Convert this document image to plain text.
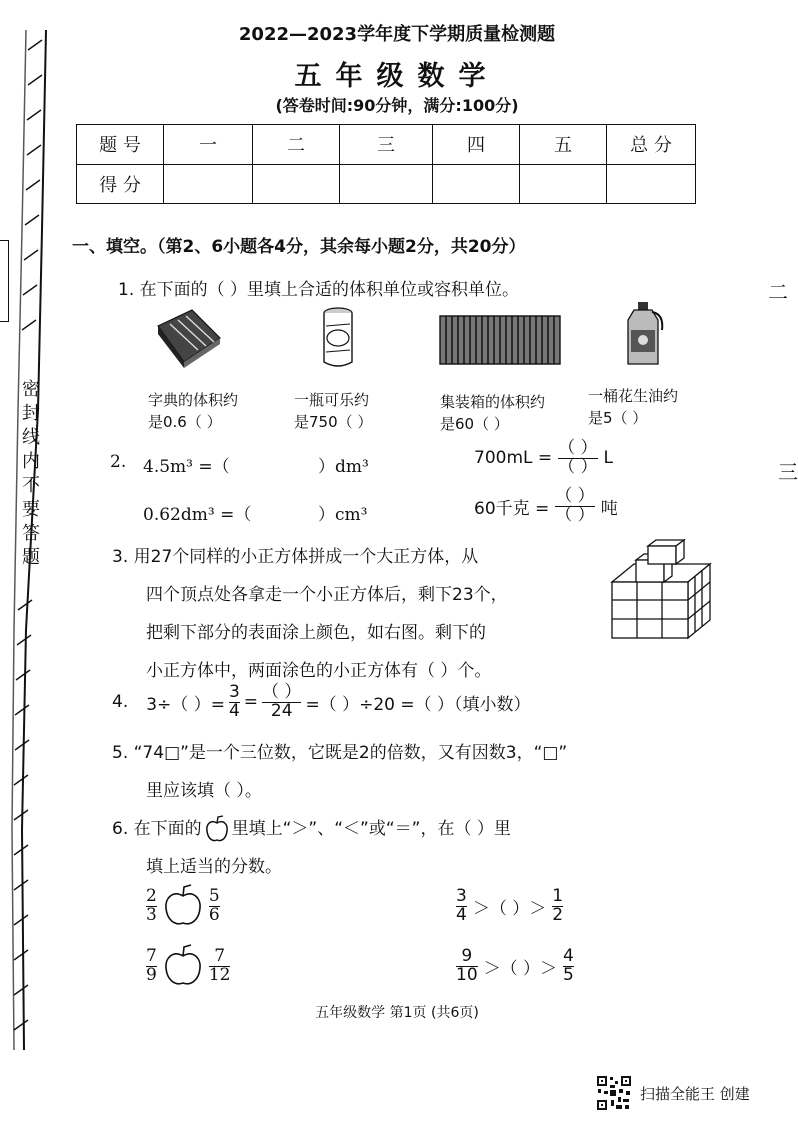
2022—2023学年度下学期质量检测题
五年级数学
(答卷时间:90分钟，满分:100分)
题 号	一	二	三	四	五	总 分
得 分						
密封线内不要答题
二
三
一、填空。（第2、6小题各4分，其余每小题2分，共20分）
1. 在下面的（ ）里填上合适的体积单位或容积单位。
字典的体积约
是0.6（ ）
一瓶可乐约
是750（ ）
集装箱的体积约
是60（ ）
一桶花生油约
是5（ ）
2. 4.5m³ =（	）dm³
0.62dm³ =（	）cm³
$700mL = \frac{( )}{( )}$ L
60千克 = $\frac{( )}{( )}$ 吨
3. 用27个同样的小正方体拼成一个大正方体，从
四个顶点处各拿走一个小正方体后，剩下23个，
把剩下部分的表面涂上颜色，如右图。剩下的
小正方体中，两面涂色的小正方体有（ ）个。
4. 3÷（ ）= $\frac{3}{4} = \frac{( )}{24}$ =（ ）÷20 =（ ）（填小数）
5. “74□”是一个三位数，它既是2的倍数，又有因数3，“□”
里应该填（ ）。
6. 在下面的 里填上“＞”、“＜”或“＝”，在（ ）里
填上适当的分数。
$\frac{2}{3}$	$\frac{5}{6}$
$\frac{7}{9}$	$\frac{7}{12}$
$\frac{3}{4}$ ＞（ ）＞ $\frac{1}{2}$
$\frac{9}{10}$ ＞（ ）＞ $\frac{4}{5}$
五年级数学 第1页 (共6页)
扫描全能王 创建
